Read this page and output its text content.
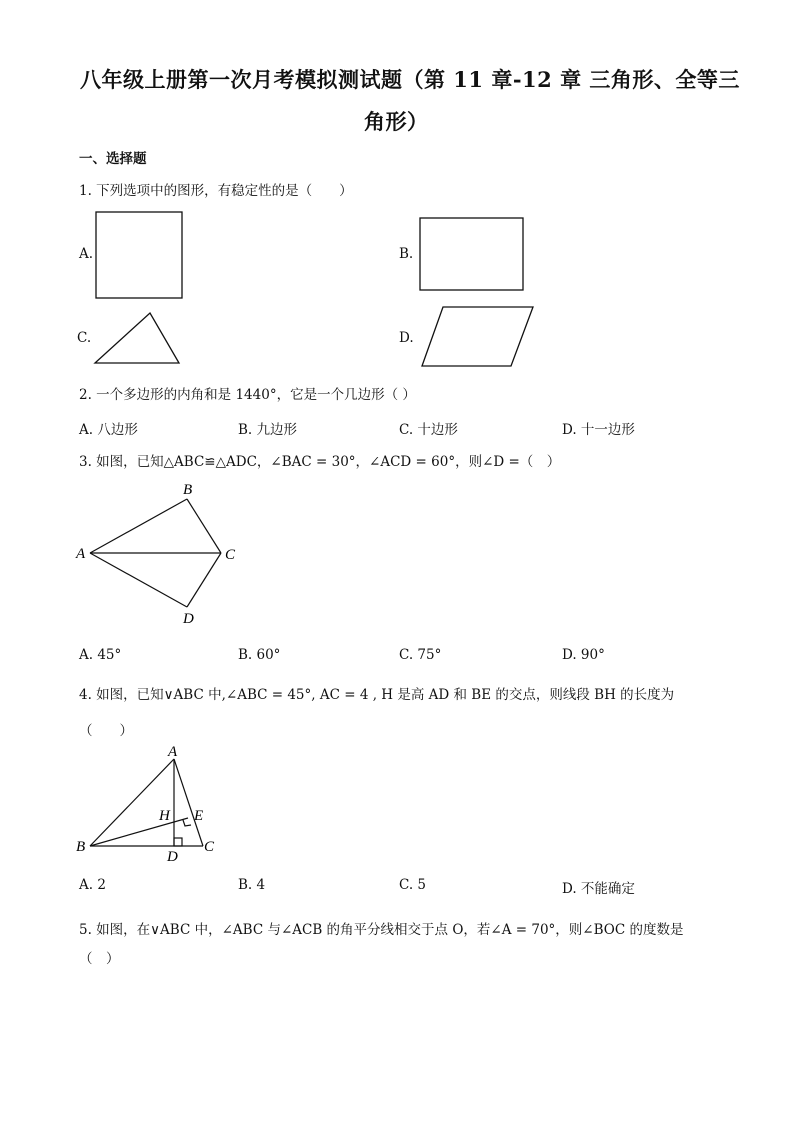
八年级上册第一次月考模拟测试题（第 11 章-12 章 三角形、全等三
角形）
一、选择题
1. 下列选项中的图形，有稳定性的是（　　）
A.	B.
C.	D.
2. 一个多边形的内角和是 1440°，它是一个几边形（ ）
A. 八边形	B. 九边形	C. 十边形	D. 十一边形
3. 如图，已知△ABC≌△ADC，∠BAC = 30°，∠ACD = 60°，则∠D =（　）
A
B
C
D
A. 45°	B. 60°	C. 75°	D. 90°
4. 如图，已知∨ABC 中,∠ABC = 45°, AC = 4 , H 是高 AD 和 BE 的交点，则线段 BH 的长度为
（　　）
A
B	C
D
E
H
A. 2	B. 4	C. 5	D. 不能确定
5. 如图，在∨ABC 中，∠ABC 与∠ACB 的角平分线相交于点 O，若∠A = 70°，则∠BOC 的度数是
（　）
